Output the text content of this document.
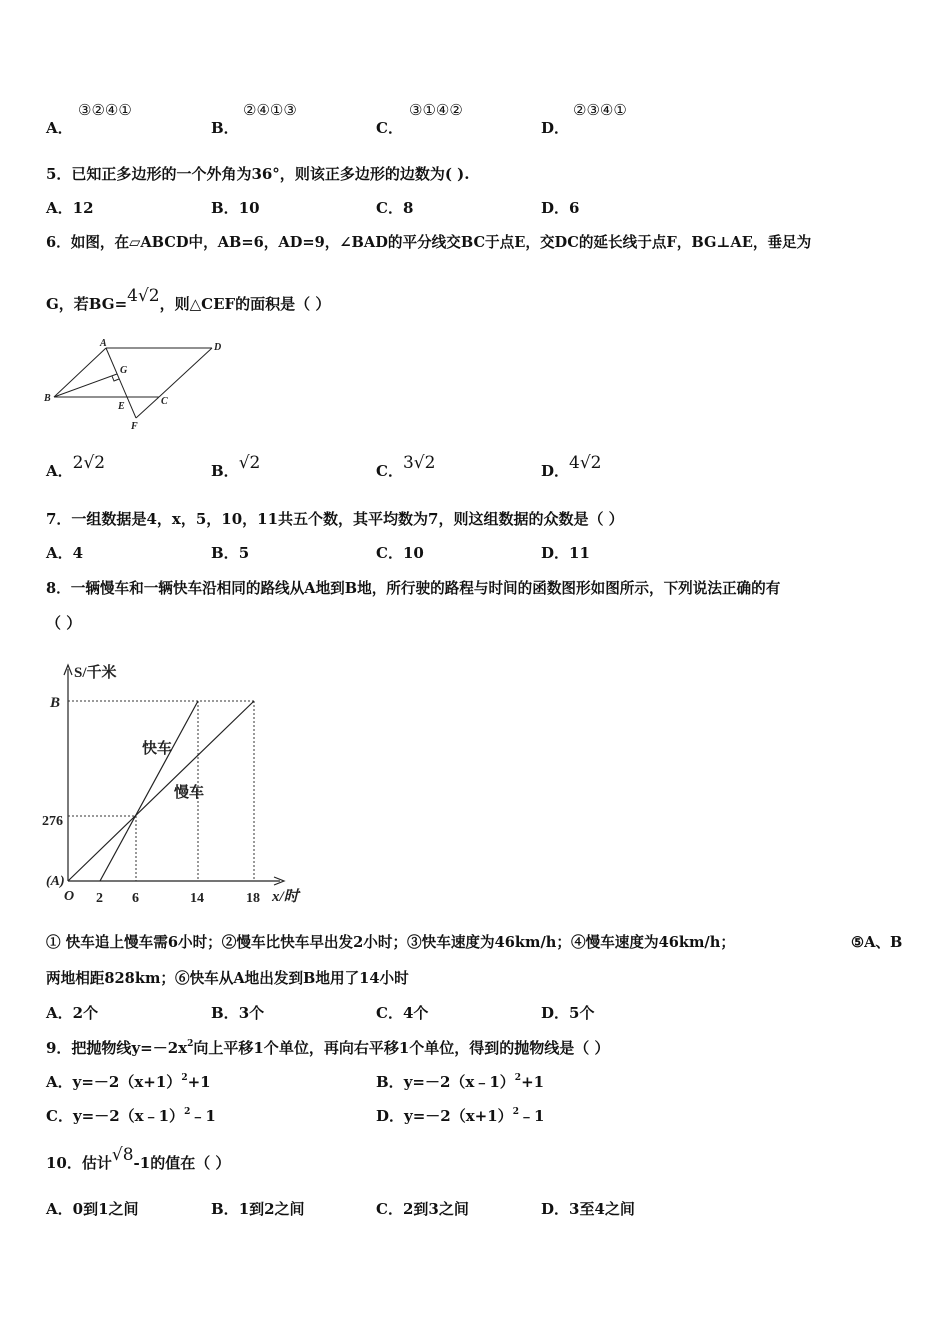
A．
③②④①
B．
②④①③
C．
③①④②
D．
②③④①
5．已知正多边形的一个外角为36°，则该正多边形的边数为( ).
A．12	B．10	C．8	D．6
6．如图，在▱ABCD中，AB=6，AD=9，∠BAD的平分线交BC于点E，交DC的延长线于点F，BG⊥AE，垂足为
G，若BG=4√2，则△CEF的面积是（ ）
A	D
G
B
E	C
F
A．2√2	B．√2	C．3√2	D．4√2
7．一组数据是4，x，5，10，11共五个数，其平均数为7，则这组数据的众数是（ ）
A．4	B．5	C．10	D．11
8．一辆慢车和一辆快车沿相同的路线从A地到B地，所行驶的路程与时间的函数图形如图所示，下列说法正确的有
（ ）
S/千米
x/时
B
276
(A)
O 2 6	14	18
快车
慢车
① 快车追上慢车需6小时；②慢车比快车早出发2小时；③快车速度为46km/h；④慢车速度为46km/h；	⑤A、B
两地相距828km；⑥快车从A地出发到B地用了14小时
A．2个	B．3个	C．4个	D．5个
9．把抛物线$y=-2x^2$向上平移1个单位，再向右平移1个单位，得到的抛物线是（ ）
A．$y=-2(x+1)^2+1$	B．y=－2（x﹣1）$^2$+1
C．y=－2（x﹣1）$^2$﹣1	D．$y=-2(x+1)^2﹣1$
10．估计√8-1的值在（ ）
A．0到1之间	B．1到2之间	C．2到3之间	D．3至4之间
